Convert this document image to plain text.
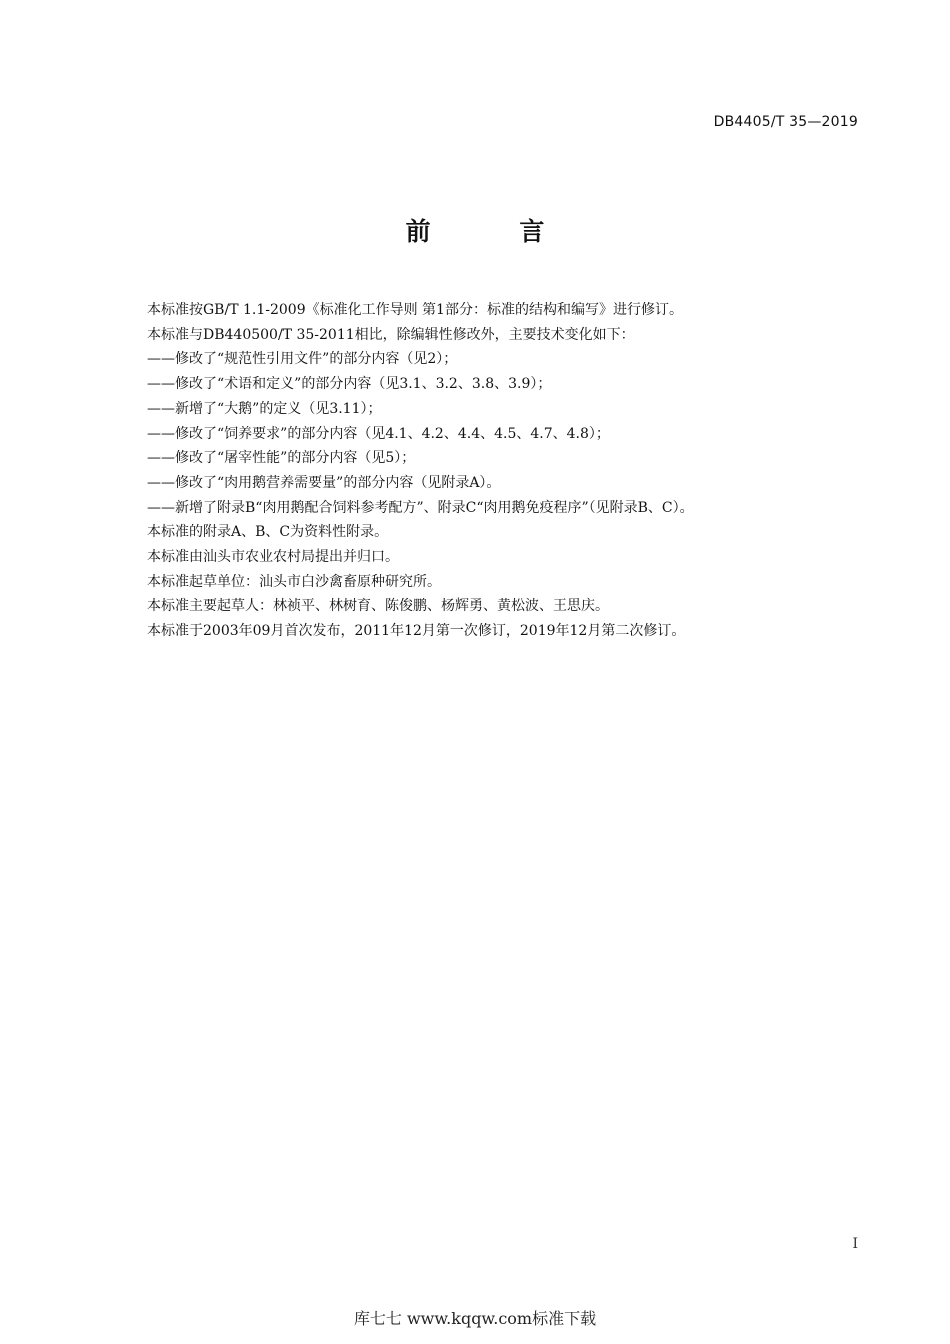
DB4405/T 35—2019
前 言
本标准按GB/T 1.1-2009《标准化工作导则 第1部分：标准的结构和编写》进行修订。
本标准与DB440500/T 35-2011相比，除编辑性修改外，主要技术变化如下：
——修改了“规范性引用文件”的部分内容（见2）；
——修改了“术语和定义”的部分内容（见3.1、3.2、3.8、3.9）；
——新增了“大鹅”的定义（见3.11）；
——修改了“饲养要求”的部分内容（见4.1、4.2、4.4、4.5、4.7、4.8）；
——修改了“屠宰性能”的部分内容（见5）；
——修改了“肉用鹅营养需要量”的部分内容（见附录A）。
——新增了附录B“肉用鹅配合饲料参考配方”、附录C“肉用鹅免疫程序”（见附录B、C）。
本标准的附录A、B、C为资料性附录。
本标准由汕头市农业农村局提出并归口。
本标准起草单位：汕头市白沙禽畜原种研究所。
本标准主要起草人：林祯平、林树育、陈俊鹏、杨辉勇、黄松波、王思庆。
本标准于2003年09月首次发布，2011年12月第一次修订，2019年12月第二次修订。
I
库七七 www.kqqw.com标准下载
